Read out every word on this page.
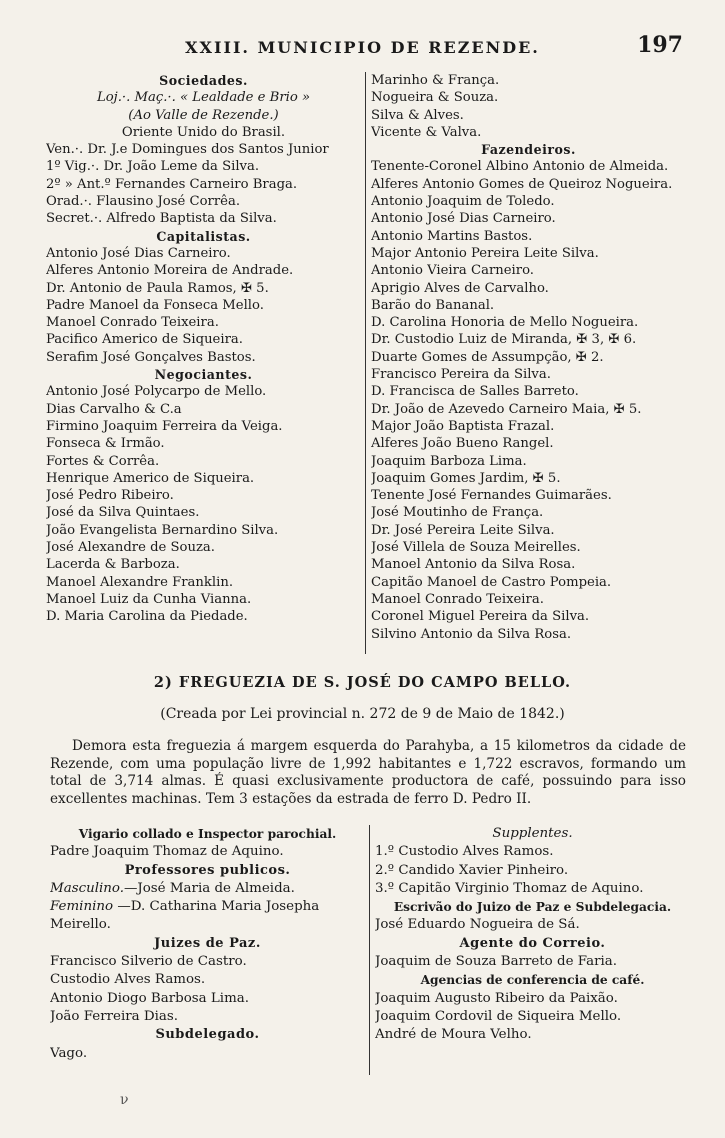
XXIII. MUNICIPIO DE REZENDE.	197
Sociedades.
Loj.·. Maç.·. « Lealdade e Brio »
(Ao Valle de Rezende.)
Oriente Unido do Brasil.
Ven.·. Dr. J.e Domingues dos Santos Junior
1º Vig.·. Dr. João Leme da Silva.
2º » Ant.º Fernandes Carneiro Braga.
Orad.·. Flausino José Corrêa.
Secret.·. Alfredo Baptista da Silva.
Capitalistas.
Antonio José Dias Carneiro.
Alferes Antonio Moreira de Andrade.
Dr. Antonio de Paula Ramos, ✠ 5.
Padre Manoel da Fonseca Mello.
Manoel Conrado Teixeira.
Pacifico Americo de Siqueira.
Serafim José Gonçalves Bastos.
Negociantes.
Antonio José Polycarpo de Mello.
Dias Carvalho & C.a
Firmino Joaquim Ferreira da Veiga.
Fonseca & Irmão.
Fortes & Corrêa.
Henrique Americo de Siqueira.
José Pedro Ribeiro.
José da Silva Quintaes.
João Evangelista Bernardino Silva.
José Alexandre de Souza.
Lacerda & Barboza.
Manoel Alexandre Franklin.
Manoel Luiz da Cunha Vianna.
D. Maria Carolina da Piedade.
Marinho & França.
Nogueira & Souza.
Silva & Alves.
Vicente & Valva.
Fazendeiros.
Tenente-Coronel Albino Antonio de Almeida.
Alferes Antonio Gomes de Queiroz Nogueira.
Antonio Joaquim de Toledo.
Antonio José Dias Carneiro.
Antonio Martins Bastos.
Major Antonio Pereira Leite Silva.
Antonio Vieira Carneiro.
Aprigio Alves de Carvalho.
Barão do Bananal.
D. Carolina Honoria de Mello Nogueira.
Dr. Custodio Luiz de Miranda, ✠ 3, ✠ 6.
Duarte Gomes de Assumpção, ✠ 2.
Francisco Pereira da Silva.
D. Francisca de Salles Barreto.
Dr. João de Azevedo Carneiro Maia, ✠ 5.
Major João Baptista Frazal.
Alferes João Bueno Rangel.
Joaquim Barboza Lima.
Joaquim Gomes Jardim, ✠ 5.
Tenente José Fernandes Guimarães.
José Moutinho de França.
Dr. José Pereira Leite Silva.
José Villela de Souza Meirelles.
Manoel Antonio da Silva Rosa.
Capitão Manoel de Castro Pompeia.
Manoel Conrado Teixeira.
Coronel Miguel Pereira da Silva.
Silvino Antonio da Silva Rosa.
2) FREGUEZIA DE S. JOSÉ DO CAMPO BELLO.
(Creada por Lei provincial n. 272 de 9 de Maio de 1842.)
Demora esta freguezia á margem esquerda do Parahyba, a 15 kilometros da cidade de Rezende, com uma população livre de 1,992 habitantes e 1,722 escravos, formando um total de 3,714 almas. É quasi exclusivamente productora de café, possuindo para isso excellentes machinas. Tem 3 estações da estrada de ferro D. Pedro II.
Vigario collado e Inspector parochial.
Padre Joaquim Thomaz de Aquino.
Professores publicos.
Masculino.—José Maria de Almeida.
Feminino —D. Catharina Maria Josepha Meirello.
Juizes de Paz.
Francisco Silverio de Castro.
Custodio Alves Ramos.
Antonio Diogo Barbosa Lima.
João Ferreira Dias.
Subdelegado.
Vago.
Supplentes.
1.º Custodio Alves Ramos.
2.º Candido Xavier Pinheiro.
3.º Capitão Virginio Thomaz de Aquino.
Escrivão do Juizo de Paz e Subdelegacia.
José Eduardo Nogueira de Sá.
Agente do Correio.
Joaquim de Souza Barreto de Faria.
Agencias de conferencia de café.
Joaquim Augusto Ribeiro da Paixão.
Joaquim Cordovil de Siqueira Mello.
André de Moura Velho.
ν
